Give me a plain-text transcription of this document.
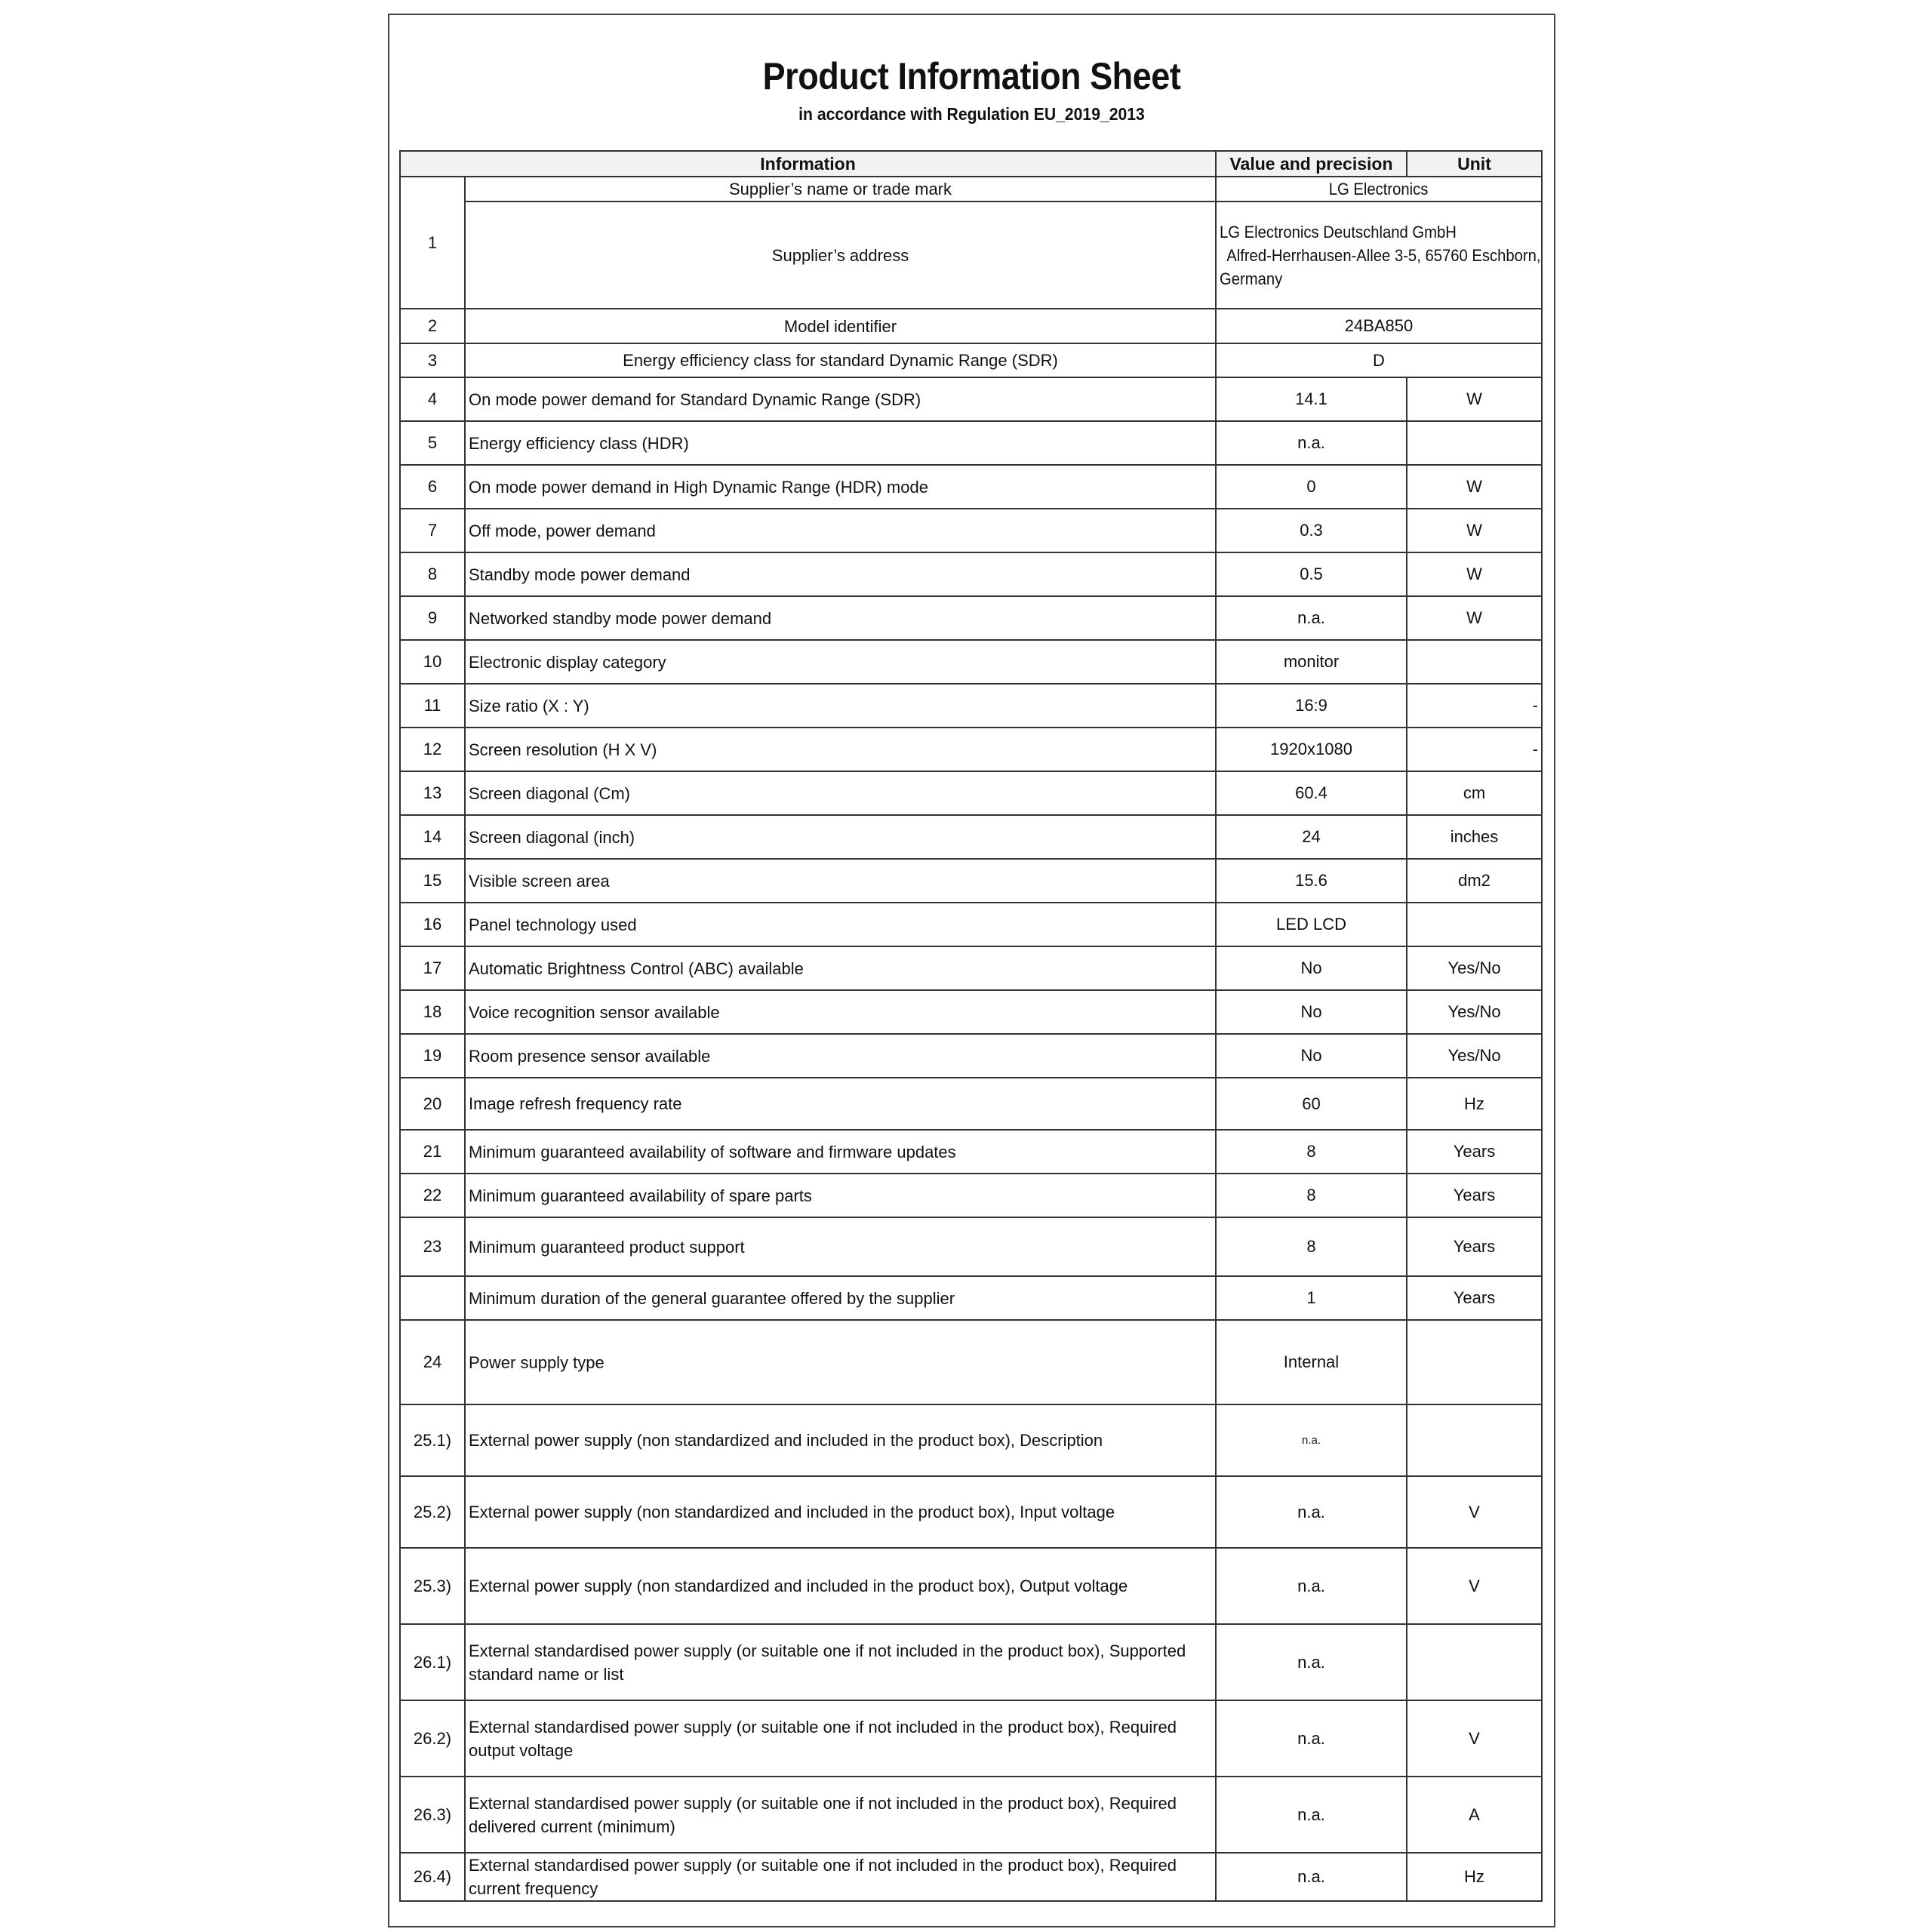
Product Information Sheet
in accordance with Regulation EU_2019_2013
Information		Value and precision	Unit
1	Supplier’s name or trade mark	LG Electronics	
	Supplier’s address	LG Electronics Deutschland GmbH
Alfred-Herrhausen-Allee 3-5, 65760 Eschborn,
Germany	
2	Model identifier	24BA850	
3	Energy efficiency class for standard Dynamic Range (SDR)	D	
4	On mode power demand for Standard Dynamic Range (SDR)	14.1	W
5	Energy efficiency class (HDR)	n.a.	
6	On mode power demand in High Dynamic Range (HDR) mode	0	W
7	Off mode, power demand	0.3	W
8	Standby mode power demand	0.5	W
9	Networked standby mode power demand	n.a.	W
10	Electronic display category	monitor	
11	Size ratio (X : Y)	16:9	-
12	Screen resolution (H X V)	1920x1080	-
13	Screen diagonal (Cm)	60.4	cm
14	Screen diagonal (inch)	24	inches
15	Visible screen area	15.6	dm2
16	Panel technology used	LED LCD	
17	Automatic Brightness Control (ABC) available	No	Yes/No
18	Voice recognition sensor available	No	Yes/No
19	Room presence sensor available	No	Yes/No
20	Image refresh frequency rate	60	Hz
21	Minimum guaranteed availability of software and firmware updates	8	Years
22	Minimum guaranteed availability of spare parts	8	Years
23	Minimum guaranteed product support	8	Years
	Minimum duration of the general guarantee offered by the supplier	1	Years
24	Power supply type	Internal	
25.1)	External power supply (non standardized and included in the product box), Description	n.a.	
25.2)	External power supply (non standardized and included in the product box), Input voltage	n.a.	V
25.3)	External power supply (non standardized and included in the product box), Output voltage	n.a.	V
26.1)	External standardised power supply (or suitable one if not included in the product box), Supported standard name or list	n.a.	
26.2)	External standardised power supply (or suitable one if not included in the product box), Required output voltage	n.a.	V
26.3)	External standardised power supply (or suitable one if not included in the product box), Required delivered current (minimum)	n.a.	A
26.4)	External standardised power supply (or suitable one if not included in the product box), Required current frequency	n.a.	Hz
